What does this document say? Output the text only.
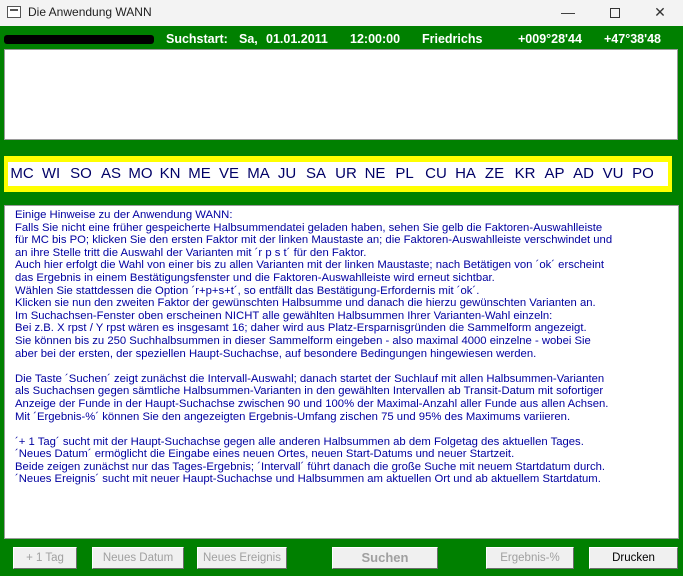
Die Anwendung WANN	—	✕
Suchstart: Sa, 01.01.2011 12:00:00 Friedrichs	+009°28'44 +47°38'48
MC WI SO AS MO KN ME VE MA JU SA UR NE PL CU HA ZE KR AP AD VU PO
Einige Hinweise zu der Anwendung WANN:
Falls Sie nicht eine früher gespeicherte Halbsummendatei geladen haben, sehen Sie gelb die Faktoren-Auswahlleiste
für MC bis PO; klicken Sie den ersten Faktor mit der linken Maustaste an; die Faktoren-Auswahlleiste verschwindet und
an ihre Stelle tritt die Auswahl der Varianten mit ´r p s t´ für den Faktor.
Auch hier erfolgt die Wahl von einer bis zu allen Varianten mit der linken Maustaste; nach Betätigen von ´ok´ erscheint
das Ergebnis in einem Bestätigungsfenster und die Faktoren-Auswahlleiste wird erneut sichtbar.
Wählen Sie stattdessen die Option ´r+p+s+t´, so entfällt das Bestätigung-Erfordernis mit ´ok´.
Klicken sie nun den zweiten Faktor der gewünschten Halbsumme und danach die hierzu gewünschten Varianten an.
Im Suchachsen-Fenster oben erscheinen NICHT alle gewählten Halbsummen Ihrer Varianten-Wahl einzeln:
Bei z.B. X rpst / Y rpst wären es insgesamt 16; daher wird aus Platz-Ersparnisgründen die Sammelform angezeigt.
Sie können bis zu 250 Suchhalbsummen in dieser Sammelform eingeben - also maximal 4000 einzelne - wobei Sie
aber bei der ersten, der speziellen Haupt-Suchachse, auf besondere Bedingungen hingewiesen werden.
Die Taste ´Suchen´ zeigt zunächst die Intervall-Auswahl; danach startet der Suchlauf mit allen Halbsummen-Varianten
als Suchachsen gegen sämtliche Halbsummen-Varianten in den gewählten Intervallen ab Transit-Datum mit sofortiger
Anzeige der Funde in der Haupt-Suchachse zwischen 90 und 100% der Maximal-Anzahl aller Funde aus allen Achsen.
Mit ´Ergebnis-%´ können Sie den angezeigten Ergebnis-Umfang zischen 75 und 95% des Maximums variieren.
´+ 1 Tag´ sucht mit der Haupt-Suchachse gegen alle anderen Halbsummen ab dem Folgetag des aktuellen Tages.
´Neues Datum´ ermöglicht die Eingabe eines neuen Ortes, neuen Start-Datums und neuer Startzeit.
Beide zeigen zunächst nur das Tages-Ergebnis; ´Intervall´ führt danach die große Suche mit neuem Startdatum durch.
´Neues Ereignis´ sucht mit neuer Haupt-Suchachse und Halbsummen am aktuellen Ort und ab aktuellem Startdatum.
+ 1 Tag	Neues Datum	Neues Ereignis	Suchen	Ergebnis-%	Drucken
